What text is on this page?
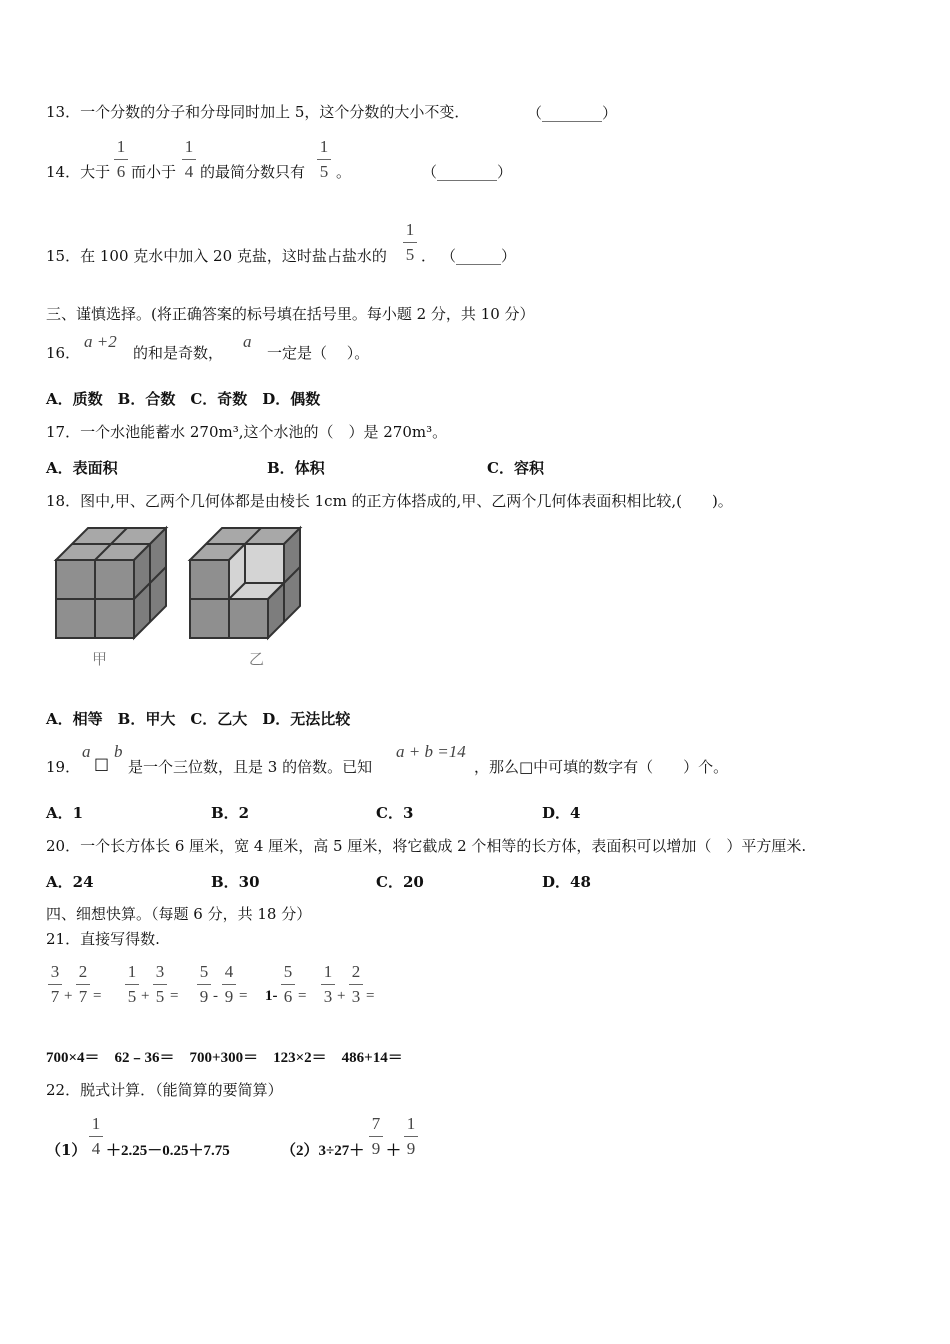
13．一个分数的分子和分母同时加上 5，这个分数的大小不变．	（________）
14．大于
1
6 而小于
1
4 的最简分数只有
1
5 。	（________）
15．在 100 克水中加入 20 克盐，这时盐占盐水的
1
5 ． （______）
三、谨慎选择。(将正确答案的标号填在括号里。每小题 2 分，共 10 分）
16．
a +2
的和是奇数，
a
一定是（　 ）。
A．质数　B．合数　C．奇数　D．偶数
17．一个水池能蓄水 270m³,这个水池的（　）是 270m³。
A．表面积	B．体积	C．容积
18．图中,甲、乙两个几何体都是由棱长 1cm 的正方体搭成的,甲、乙两个几何体表面积相比较,(　　)。
甲	乙
A．相等　B．甲大　C．乙大　D．无法比较
19．
a
□
b
是一个三位数，且是 3 的倍数。已知
a + b =14
，那么□中可填的数字有（　　）个。
A．1	B．2	C．3	D．4
20．一个长方体长 6 厘米，宽 4 厘米，高 5 厘米，将它截成 2 个相等的长方体，表面积可以增加（　）平方厘米.
A．24	B．30	C．20	D．48
四、细想快算。（每题 6 分，共 18 分）
21．直接写得数.
3
7 +
2
7 =
1
5 +
3
5 =
5
9 -
4
9 = 1-
5
6 =
1
3 +
2
3 =
700×4＝　62﹣36＝　700+300＝　123×2＝　486+14＝
22．脱式计算．（能简算的要简算）
（1）
1
4 ＋2.25－0.25＋7.75	（2）3÷27＋
7
9 ＋
1
9
